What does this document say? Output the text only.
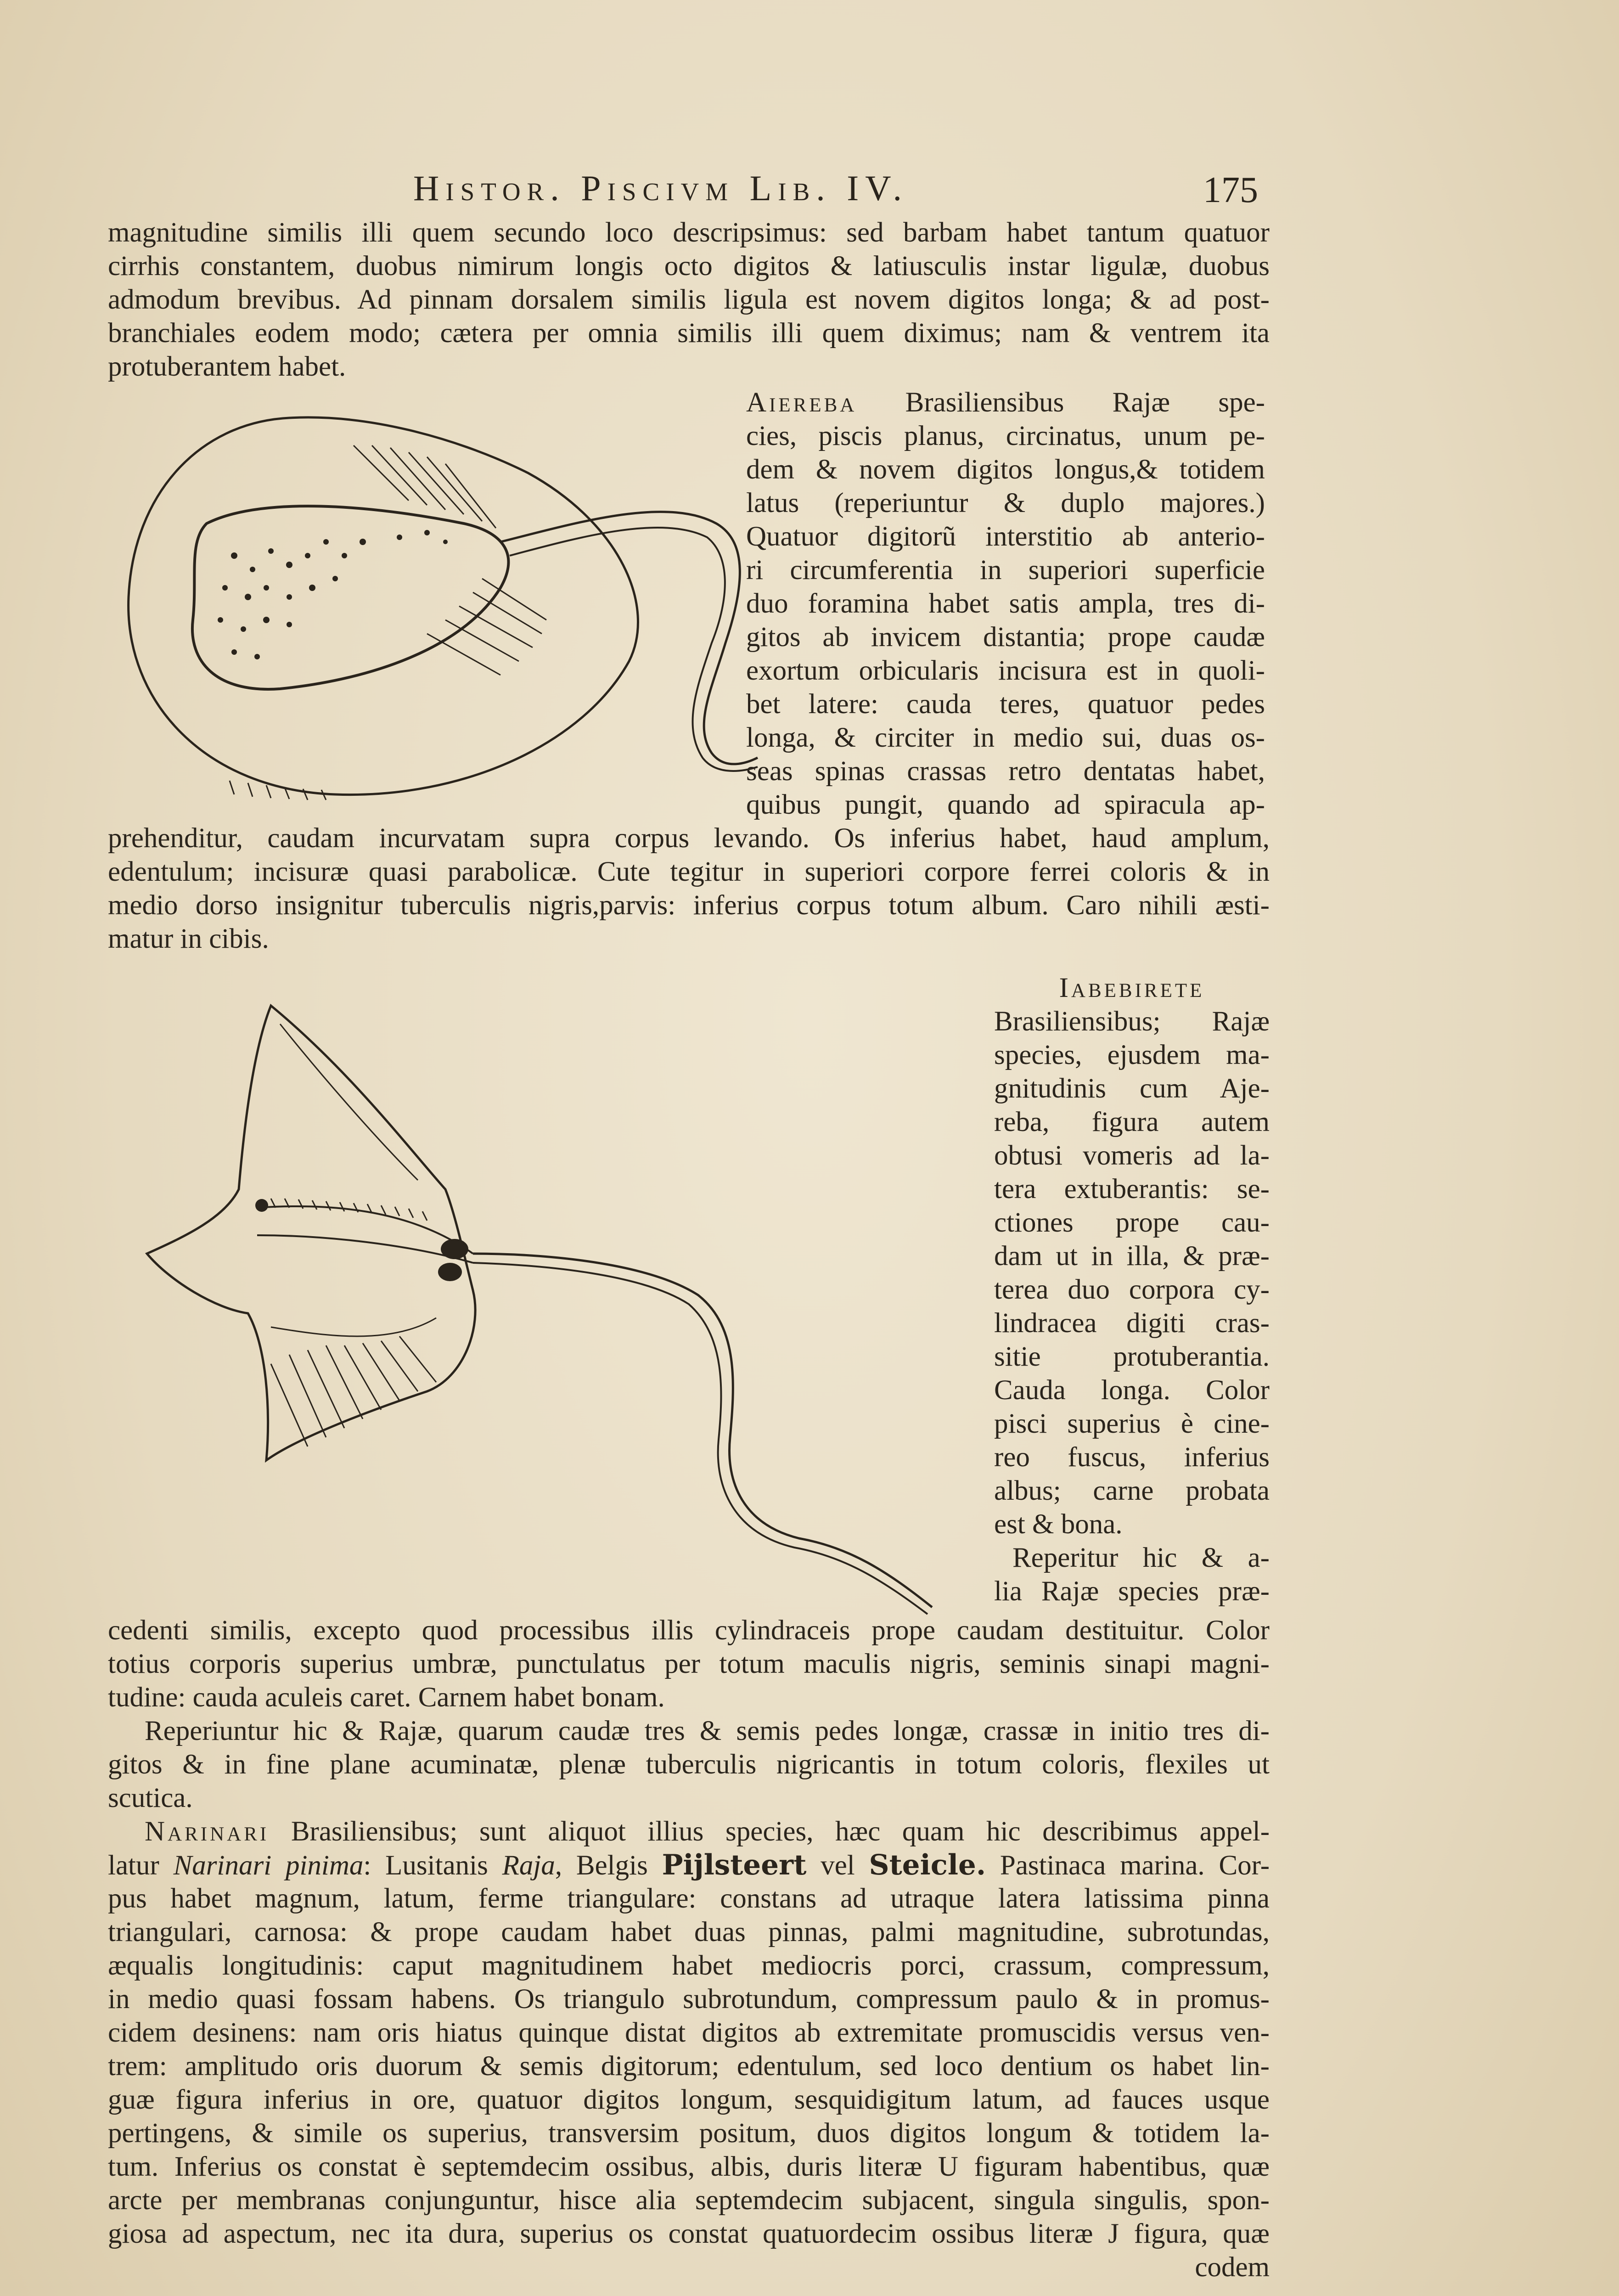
Histor. Piscivm Lib. IV.	175
magnitudine similis illi quem secundo loco descripsimus: sed barbam habet tantum quatuor
cirrhis constantem, duobus nimirum longis octo digitos & latiusculis instar ligulæ, duobus
admodum brevibus. Ad pinnam dorsalem similis ligula est novem digitos longa; & ad post-
branchiales eodem modo; cætera per omnia similis illi quem diximus; nam & ventrem ita
protuberantem habet.
Aiereba Brasiliensibus Rajæ spe-
cies, piscis planus, circinatus, unum pe-
dem & novem digitos longus,& totidem
latus (reperiuntur & duplo majores.)
Quatuor digitorũ interstitio ab anterio-
ri circumferentia in superiori superficie
duo foramina habet satis ampla, tres di-
gitos ab invicem distantia; prope caudæ
exortum orbicularis incisura est in quoli-
bet latere: cauda teres, quatuor pedes
longa, & circiter in medio sui, duas os-
seas spinas crassas retro dentatas habet,
quibus pungit, quando ad spiracula ap-
prehenditur, caudam incurvatam supra corpus levando. Os inferius habet, haud amplum,
edentulum; incisuræ quasi parabolicæ. Cute tegitur in superiori corpore ferrei coloris & in
medio dorso insignitur tuberculis nigris,parvis: inferius corpus totum album. Caro nihili æsti-
matur in cibis.
Iabebirete
Brasiliensibus; Rajæ
species, ejusdem ma-
gnitudinis cum Aje-
reba, figura autem
obtusi vomeris ad la-
tera extuberantis: se-
ctiones prope cau-
dam ut in illa, & præ-
terea duo corpora cy-
lindracea digiti cras-
sitie protuberantia.
Cauda longa. Color
pisci superius è cine-
reo fuscus, inferius
albus; carne probata
est & bona.
Reperitur hic & a-
lia Rajæ species præ-
cedenti similis, excepto quod processibus illis cylindraceis prope caudam destituitur. Color
totius corporis superius umbræ, punctulatus per totum maculis nigris, seminis sinapi magni-
tudine: cauda aculeis caret. Carnem habet bonam.
Reperiuntur hic & Rajæ, quarum caudæ tres & semis pedes longæ, crassæ in initio tres di-
gitos & in fine plane acuminatæ, plenæ tuberculis nigricantis in totum coloris, flexiles ut
scutica.
Narinari Brasiliensibus; sunt aliquot illius species, hæc quam hic describimus appel-
latur Narinari pinima: Lusitanis Raja, Belgis Pijlsteert vel Steicle. Pastinaca marina. Cor-
pus habet magnum, latum, ferme triangulare: constans ad utraque latera latissima pinna
triangulari, carnosa: & prope caudam habet duas pinnas, palmi magnitudine, subrotundas,
æqualis longitudinis: caput magnitudinem habet mediocris porci, crassum, compressum,
in medio quasi fossam habens. Os triangulo subrotundum, compressum paulo & in promus-
cidem desinens: nam oris hiatus quinque distat digitos ab extremitate promuscidis versus ven-
trem: amplitudo oris duorum & semis digitorum; edentulum, sed loco dentium os habet lin-
guæ figura inferius in ore, quatuor digitos longum, sesquidigitum latum, ad fauces usque
pertingens, & simile os superius, transversim positum, duos digitos longum & totidem la-
tum. Inferius os constat è septemdecim ossibus, albis, duris literæ U figuram habentibus, quæ
arcte per membranas conjunguntur, hisce alia septemdecim subjacent, singula singulis, spon-
giosa ad aspectum, nec ita dura, superius os constat quatuordecim ossibus literæ J figura, quæ
codem
